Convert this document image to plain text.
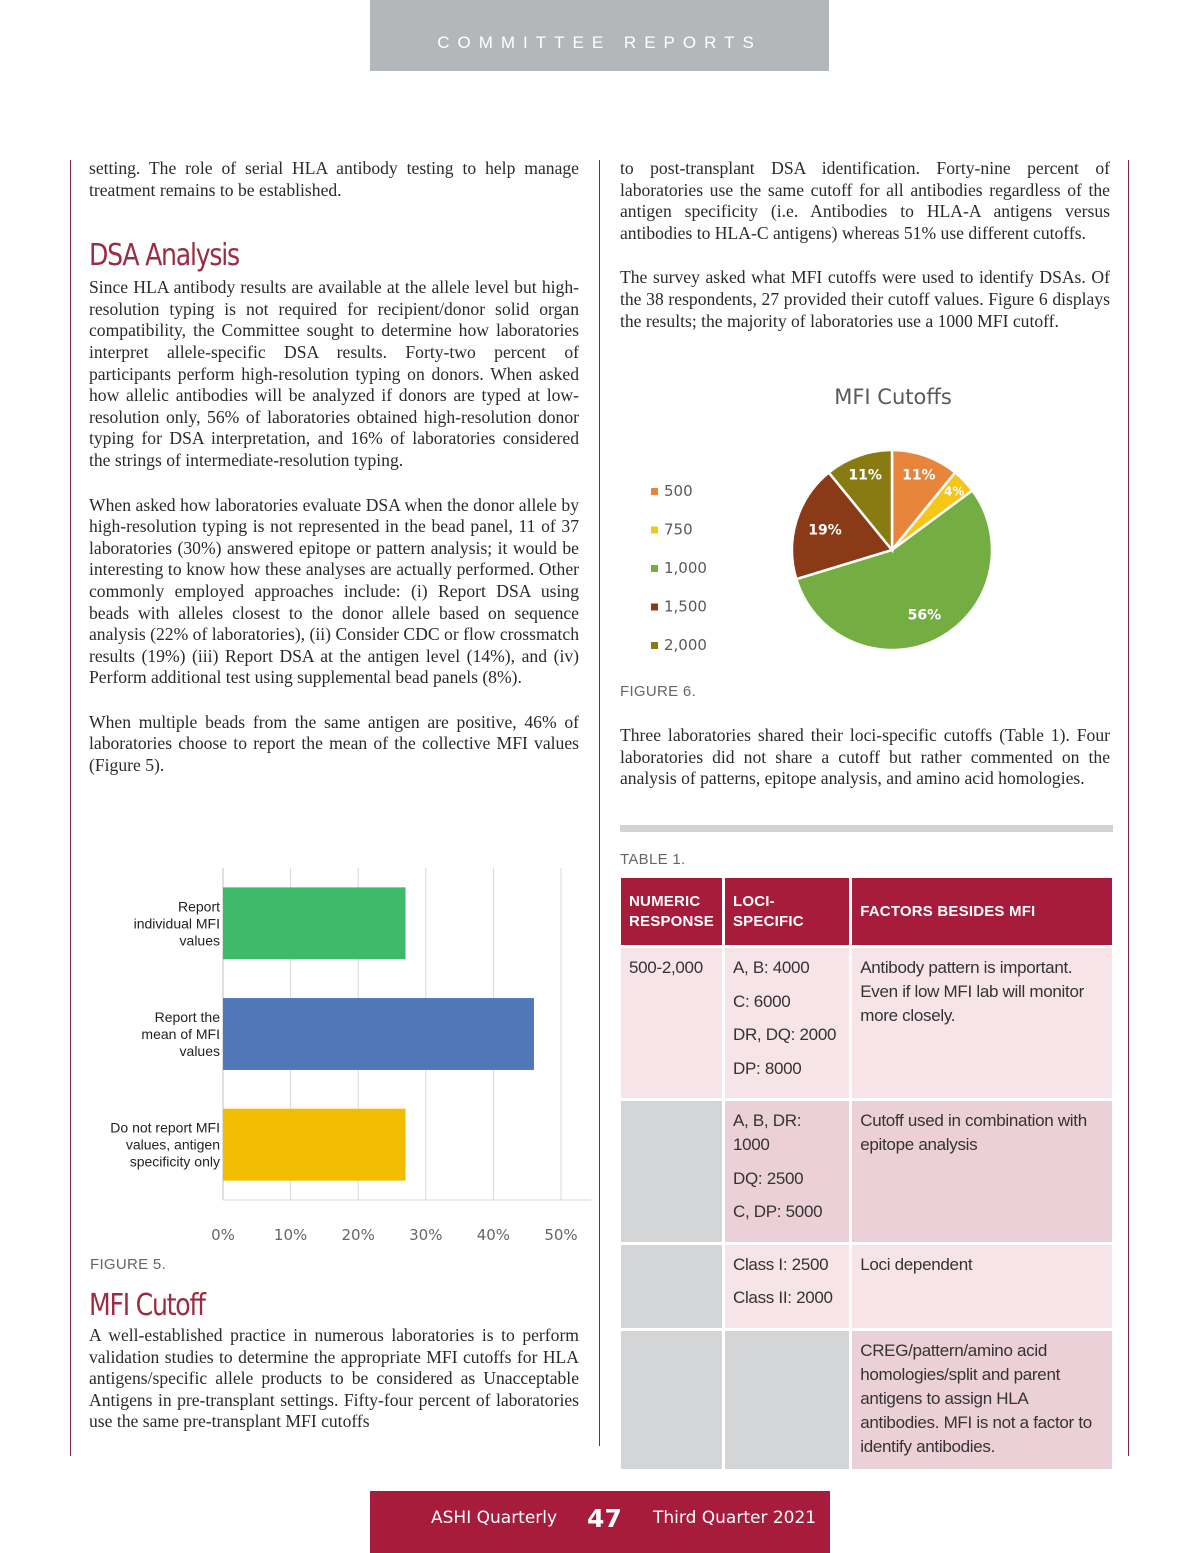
COMMITTEE REPORTS

setting. The role of serial HLA antibody testing to help manage treatment remains to be established.

DSA Analysis

Since HLA antibody results are available at the allele level but high-resolution typing is not required for recipient/donor solid organ compatibility, the Committee sought to determine how laboratories interpret allele-specific DSA results. Forty-two percent of participants perform high-resolution typing on donors. When asked how allelic antibodies will be analyzed if donors are typed at low-resolution only, 56% of laboratories obtained high-resolution donor typing for DSA interpretation, and 16% of laboratories considered the strings of intermediate-resolution typing.

When asked how laboratories evaluate DSA when the donor allele by high-resolution typing is not represented in the bead panel, 11 of 37 laboratories (30%) answered epitope or pattern analysis; it would be interesting to know how these analyses are actually performed. Other commonly employed approaches include: (i) Report DSA using beads with alleles closest to the donor allele based on sequence analysis (22% of laboratories), (ii) Consider CDC or flow crossmatch results (19%) (iii) Report DSA at the antigen level (14%), and (iv) Perform additional test using supplemental bead panels (8%).

When multiple beads from the same antigen are positive, 46% of laboratories choose to report the mean of the collective MFI values (Figure 5).

Report individual MFI values
Report the mean of MFI values
Do not report MFI values, antigen specificity only
0%	10% 20% 30% 40% 50%
FIGURE 5.
MFI Cutoff

A well-established practice in numerous laboratories is to perform validation studies to determine the appropriate MFI cutoffs for HLA antigens/specific allele products to be considered as Unacceptable Antigens in pre-transplant settings. Fifty-four percent of laboratories use the same pre-transplant MFI cutoffs

to post-transplant DSA identification. Forty-nine percent of laboratories use the same cutoff for all antibodies regardless of the antigen specificity (i.e. Antibodies to HLA-A antigens versus antibodies to HLA-C antigens) whereas 51% use different cutoffs.

The survey asked what MFI cutoffs were used to identify DSAs. Of the 38 respondents, 27 provided their cutoff values. Figure 6 displays the results; the majority of laboratories use a 1000 MFI cutoff.

MFI Cutoffs
11%
4%
56%
19%
11%
500
750
1,000
1,500
2,000
FIGURE 6.

Three laboratories shared their loci-specific cutoffs (Table 1). Four laboratories did not share a cutoff but rather commented on the analysis of patterns, epitope analysis, and amino acid homologies.

TABLE 1.
NUMERIC
RESPONSE	LOCI-SPECIFIC	FACTORS BESIDES MFI

500-2,000	A, B: 4000
C: 6000
DR, DQ: 2000
DP: 8000	Antibody pattern is important. Even if low MFI lab will monitor more closely.

	A, B, DR: 1000
DQ: 2500
C, DP: 5000	Cutoff used in combination with epitope analysis

	Class I: 2500
Class II: 2000	Loci dependent
		CREG/pattern/amino acid homologies/split and parent antigens to assign HLA antibodies. MFI is not a factor to identify antibodies.
ASHI Quarterly 47 Third Quarter 2021
